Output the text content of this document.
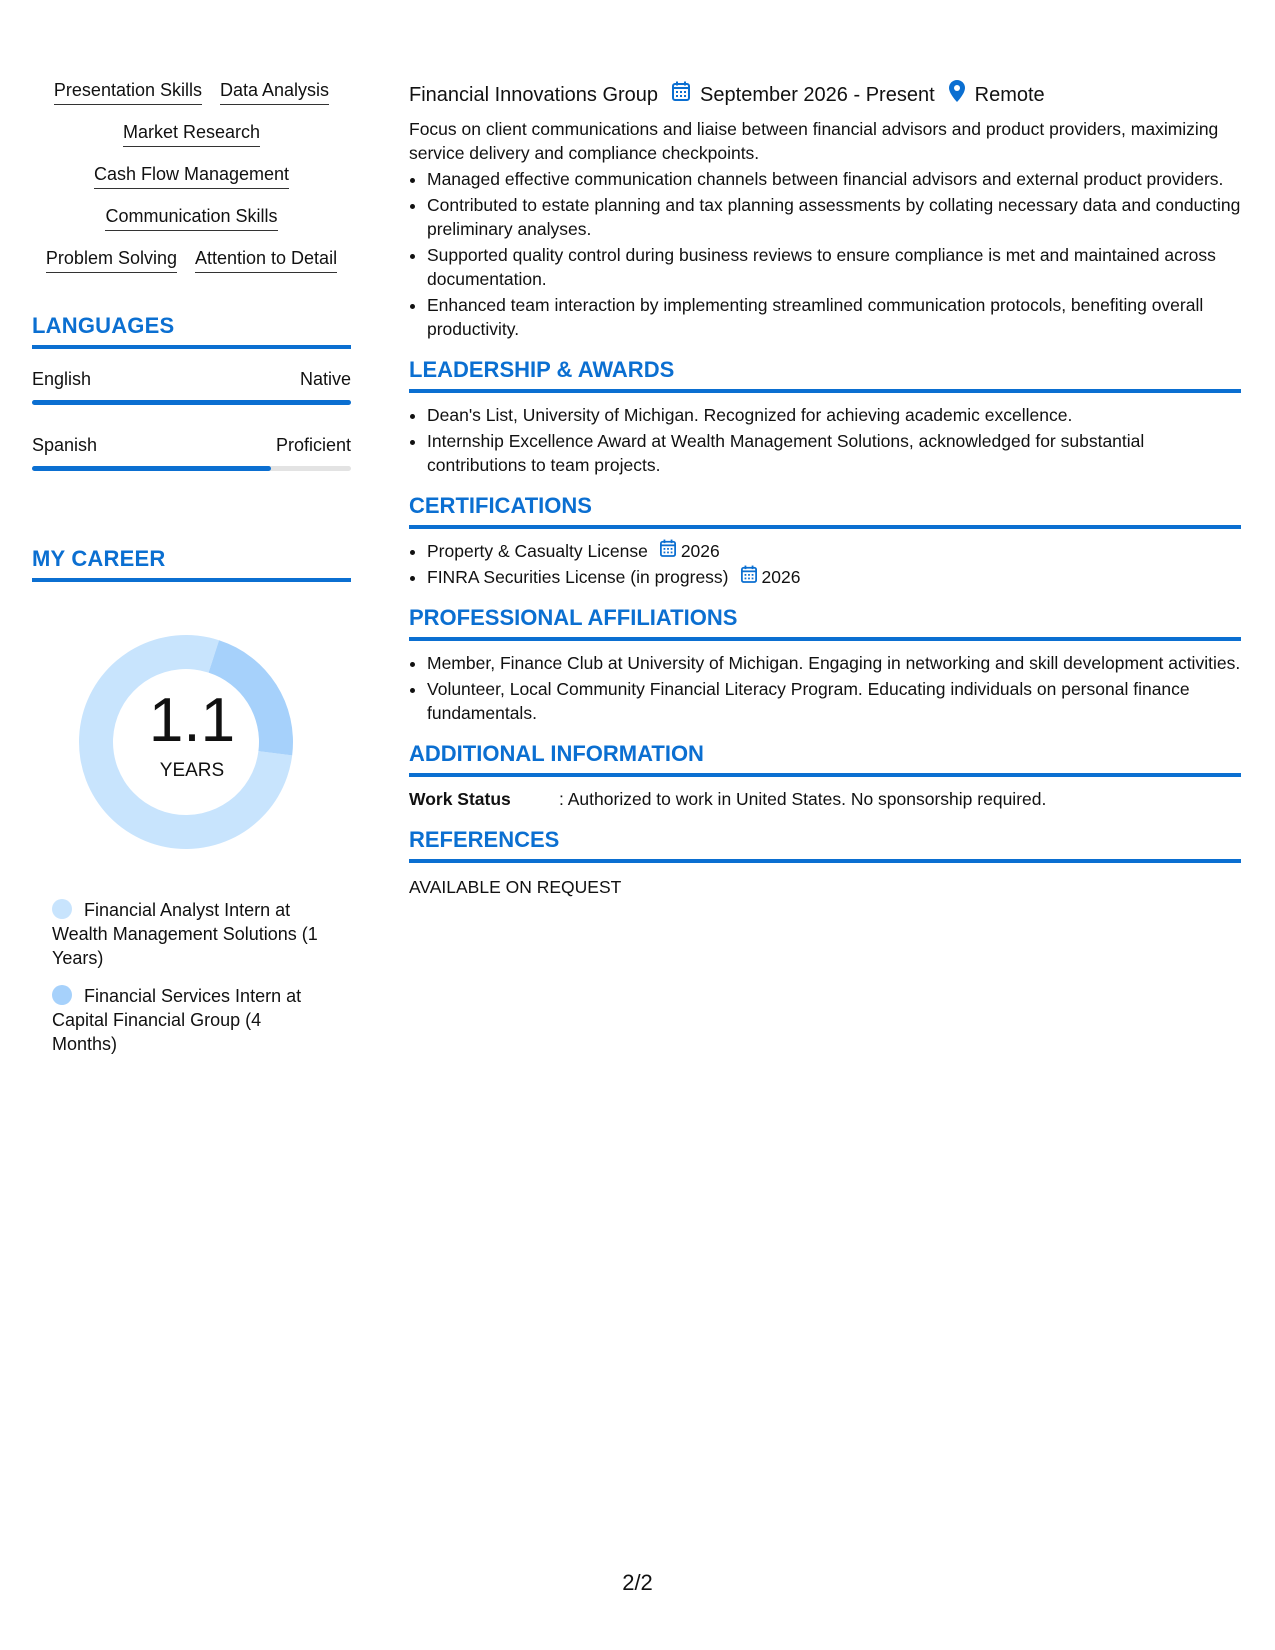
Presentation Skills Data Analysis
Market Research
Cash Flow Management
Communication Skills
Problem Solving Attention to Detail
LANGUAGES
English	Native
Spanish	Proficient
MY CAREER
1.1
YEARS
Financial Analyst Intern at Wealth Management Solutions (1 Years)
Financial Services Intern at Capital Financial Group (4 Months)
Financial Innovations Group September 2026 - Present Remote
Focus on client communications and liaise between financial advisors and product providers, maximizing service delivery and compliance checkpoints.
• Managed effective communication channels between financial advisors and external product providers.
• Contributed to estate planning and tax planning assessments by collating necessary data and conducting preliminary analyses.
• Supported quality control during business reviews to ensure compliance is met and maintained across documentation.
• Enhanced team interaction by implementing streamlined communication protocols, benefiting overall productivity.
LEADERSHIP & AWARDS
• Dean's List, University of Michigan. Recognized for achieving academic excellence.
• Internship Excellence Award at Wealth Management Solutions, acknowledged for substantial contributions to team projects.
CERTIFICATIONS
• Property & Casualty License 2026
• FINRA Securities License (in progress) 2026
PROFESSIONAL AFFILIATIONS
• Member, Finance Club at University of Michigan. Engaging in networking and skill development activities.
• Volunteer, Local Community Financial Literacy Program. Educating individuals on personal finance fundamentals.
ADDITIONAL INFORMATION
Work Status	: Authorized to work in United States. No sponsorship required.
REFERENCES
AVAILABLE ON REQUEST
2/2
